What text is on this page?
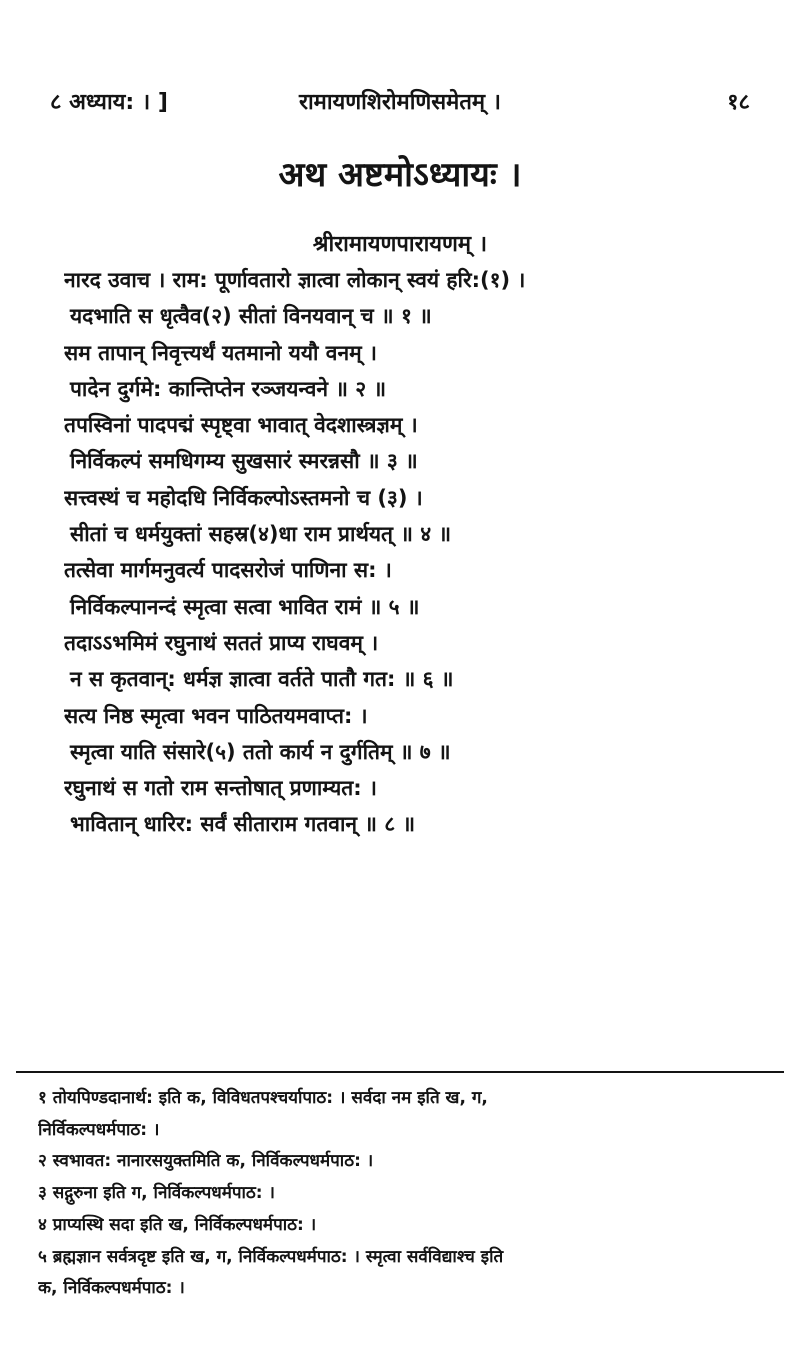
८ अध्याय: । ]	रामायणशिरोमणिसमेतम् ।	१८
अथ अष्टमोऽध्यायः ।
श्रीरामायणपारायणम् ।
नारद उवाच । राम: पूर्णावतारो ज्ञात्वा लोकान् स्वयं हरि:(१) ।
यदभाति स धृत्वैव(२) सीतां विनयवान् च ॥ १ ॥
सम तापान् निवृत्त्यर्थं यतमानो ययौ वनम् ।
पादेन दुर्गमे: कान्तिप्तेन रञ्जयन्वने ॥ २ ॥
तपस्विनां पादपद्मं स्पृष्ट्वा भावात् वेदशास्त्रज्ञम् ।
निर्विकल्पं समधिगम्य सुखसारं स्मरन्नसौ ॥ ३ ॥
सत्त्वस्थं च महोदधि निर्विकल्पोऽस्तमनो च (३) ।
सीतां च धर्मयुक्तां सहस्र(४)धा राम प्रार्थयत् ॥ ४ ॥
तत्सेवा मार्गमनुवर्त्य पादसरोजं पाणिना स: ।
निर्विकल्पानन्दं स्मृत्वा सत्वा भावित रामं ॥ ५ ॥
तदाऽऽभमिमं रघुनाथं सततं प्राप्य राघवम् ।
न स कृतवान्: धर्मज्ञ ज्ञात्वा वर्तते पातौ गत: ॥ ६ ॥
सत्य निष्ठ स्मृत्वा भवन पाठितयमवाप्त: ।
स्मृत्वा याति संसारे(५) ततो कार्य न दुर्गतिम् ॥ ७ ॥
रघुनाथं स गतो राम सन्तोषात् प्रणाम्यत: ।
भावितान् धारिर: सर्वं सीताराम गतवान् ॥ ८ ॥
१ तोयपिण्डदानार्थ: इति क, विविधतपश्चर्यापाठ: । सर्वदा नम इति ख, ग,
निर्विकल्पधर्मपाठ: ।
२ स्वभावत: नानारसयुक्तमिति क, निर्विकल्पधर्मपाठ: ।
३ सद्गुरुना इति ग, निर्विकल्पधर्मपाठ: ।
४ प्राप्यस्थि सदा इति ख, निर्विकल्पधर्मपाठ: ।
५ ब्रह्मज्ञान सर्वत्रदृष्ट इति ख, ग, निर्विकल्पधर्मपाठ: । स्मृत्वा सर्वविद्याश्च इति
क, निर्विकल्पधर्मपाठ: ।
